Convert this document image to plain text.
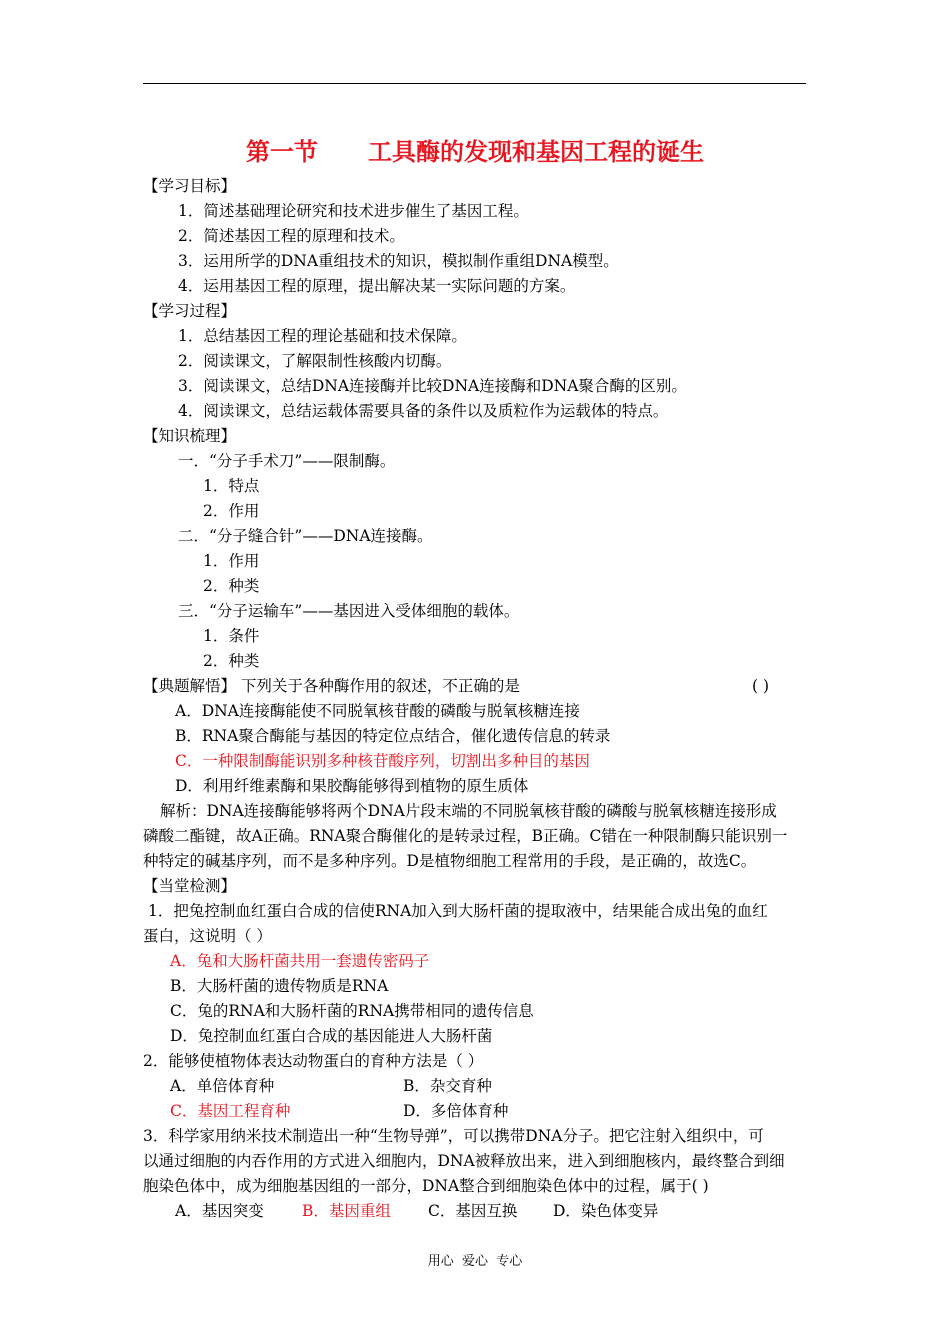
第一节      工具酶的发现和基因工程的诞生
【学习目标】
1．简述基础理论研究和技术进步催生了基因工程。
2．简述基因工程的原理和技术。
3．运用所学的DNA重组技术的知识，模拟制作重组DNA模型。
4．运用基因工程的原理，提出解决某一实际问题的方案。
【学习过程】
1．总结基因工程的理论基础和技术保障。
2．阅读课文，了解限制性核酸内切酶。
3．阅读课文，总结DNA连接酶并比较DNA连接酶和DNA聚合酶的区别。
4．阅读课文，总结运载体需要具备的条件以及质粒作为运载体的特点。
【知识梳理】
一．“分子手术刀”——限制酶。
1．特点
2．作用
二．“分子缝合针”——DNA连接酶。
1．作用
2．种类
三．“分子运输车”——基因进入受体细胞的载体。
1．条件
2．种类
【典题解悟】 下列关于各种酶作用的叙述，不正确的是	( )
A．DNA连接酶能使不同脱氧核苷酸的磷酸与脱氧核糖连接
B．RNA聚合酶能与基因的特定位点结合，催化遗传信息的转录
C．一种限制酶能识别多种核苷酸序列，切割出多种目的基因
D．利用纤维素酶和果胶酶能够得到植物的原生质体
解析：DNA连接酶能够将两个DNA片段末端的不同脱氧核苷酸的磷酸与脱氧核糖连接形成
磷酸二酯键，故A正确。RNA聚合酶催化的是转录过程，B正确。C错在一种限制酶只能识别一
种特定的碱基序列，而不是多种序列。D是植物细胞工程常用的手段，是正确的，故选C。
【当堂检测】
1．把兔控制血红蛋白合成的信使RNA加入到大肠杆菌的提取液中，结果能合成出兔的血红
蛋白，这说明（ ）
A．兔和大肠杆菌共用一套遗传密码子
B．大肠杆菌的遗传物质是RNA
C．兔的RNA和大肠杆菌的RNA携带相同的遗传信息
D．兔控制血红蛋白合成的基因能进人大肠杆菌
2．能够使植物体表达动物蛋白的育种方法是（ ）
A．单倍体育种	B．杂交育种
C．基因工程育种	D．多倍体育种
3．科学家用纳米技术制造出一种“生物导弹”，可以携带DNA分子。把它注射入组织中，可
以通过细胞的内吞作用的方式进入细胞内，DNA被释放出来，进入到细胞核内，最终整合到细
胞染色体中，成为细胞基因组的一部分，DNA整合到细胞染色体中的过程，属于( )
A．基因突变 B．基因重组 C．基因互换 D．染色体变异
用心  爱心  专心
